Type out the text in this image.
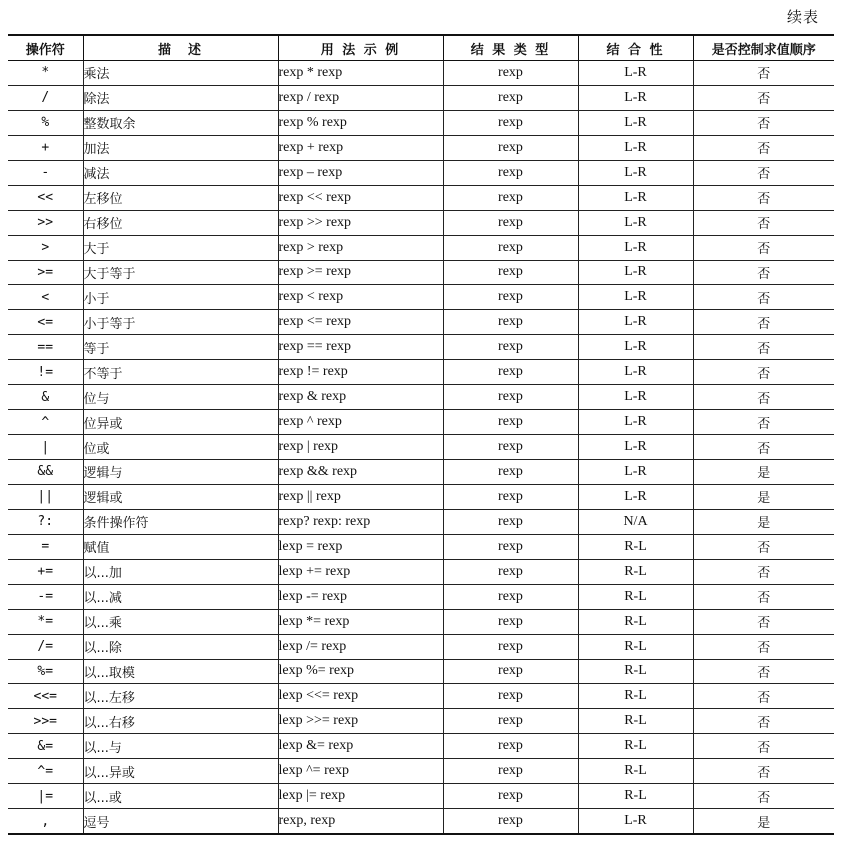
续表
操作符	描　述	用 法 示 例	结 果 类 型	结 合 性	是否控制求值顺序
*	乘法	rexp * rexp	rexp	L-R	否
/	除法	rexp / rexp	rexp	L-R	否
%	整数取余	rexp % rexp	rexp	L-R	否
+	加法	rexp + rexp	rexp	L-R	否
-	减法	rexp – rexp	rexp	L-R	否
<<	左移位	rexp << rexp	rexp	L-R	否
>>	右移位	rexp >> rexp	rexp	L-R	否
>	大于	rexp > rexp	rexp	L-R	否
>=	大于等于	rexp >= rexp	rexp	L-R	否
<	小于	rexp < rexp	rexp	L-R	否
<=	小于等于	rexp <= rexp	rexp	L-R	否
==	等于	rexp == rexp	rexp	L-R	否
!=	不等于	rexp != rexp	rexp	L-R	否
&	位与	rexp & rexp	rexp	L-R	否
^	位异或	rexp ^ rexp	rexp	L-R	否
|	位或	rexp | rexp	rexp	L-R	否
&&	逻辑与	rexp && rexp	rexp	L-R	是
||	逻辑或	rexp || rexp	rexp	L-R	是
?:	条件操作符	rexp? rexp: rexp	rexp	N/A	是
=	赋值	lexp = rexp	rexp	R-L	否
+=	以...加	lexp += rexp	rexp	R-L	否
-=	以...减	lexp -= rexp	rexp	R-L	否
*=	以...乘	lexp *= rexp	rexp	R-L	否
/=	以...除	lexp /= rexp	rexp	R-L	否
%=	以...取模	lexp %= rexp	rexp	R-L	否
<<=	以...左移	lexp <<= rexp	rexp	R-L	否
>>=	以...右移	lexp >>= rexp	rexp	R-L	否
&=	以...与	lexp &= rexp	rexp	R-L	否
^=	以...异或	lexp ^= rexp	rexp	R-L	否
|=	以...或	lexp |= rexp	rexp	R-L	否
,	逗号	rexp, rexp	rexp	L-R	是
